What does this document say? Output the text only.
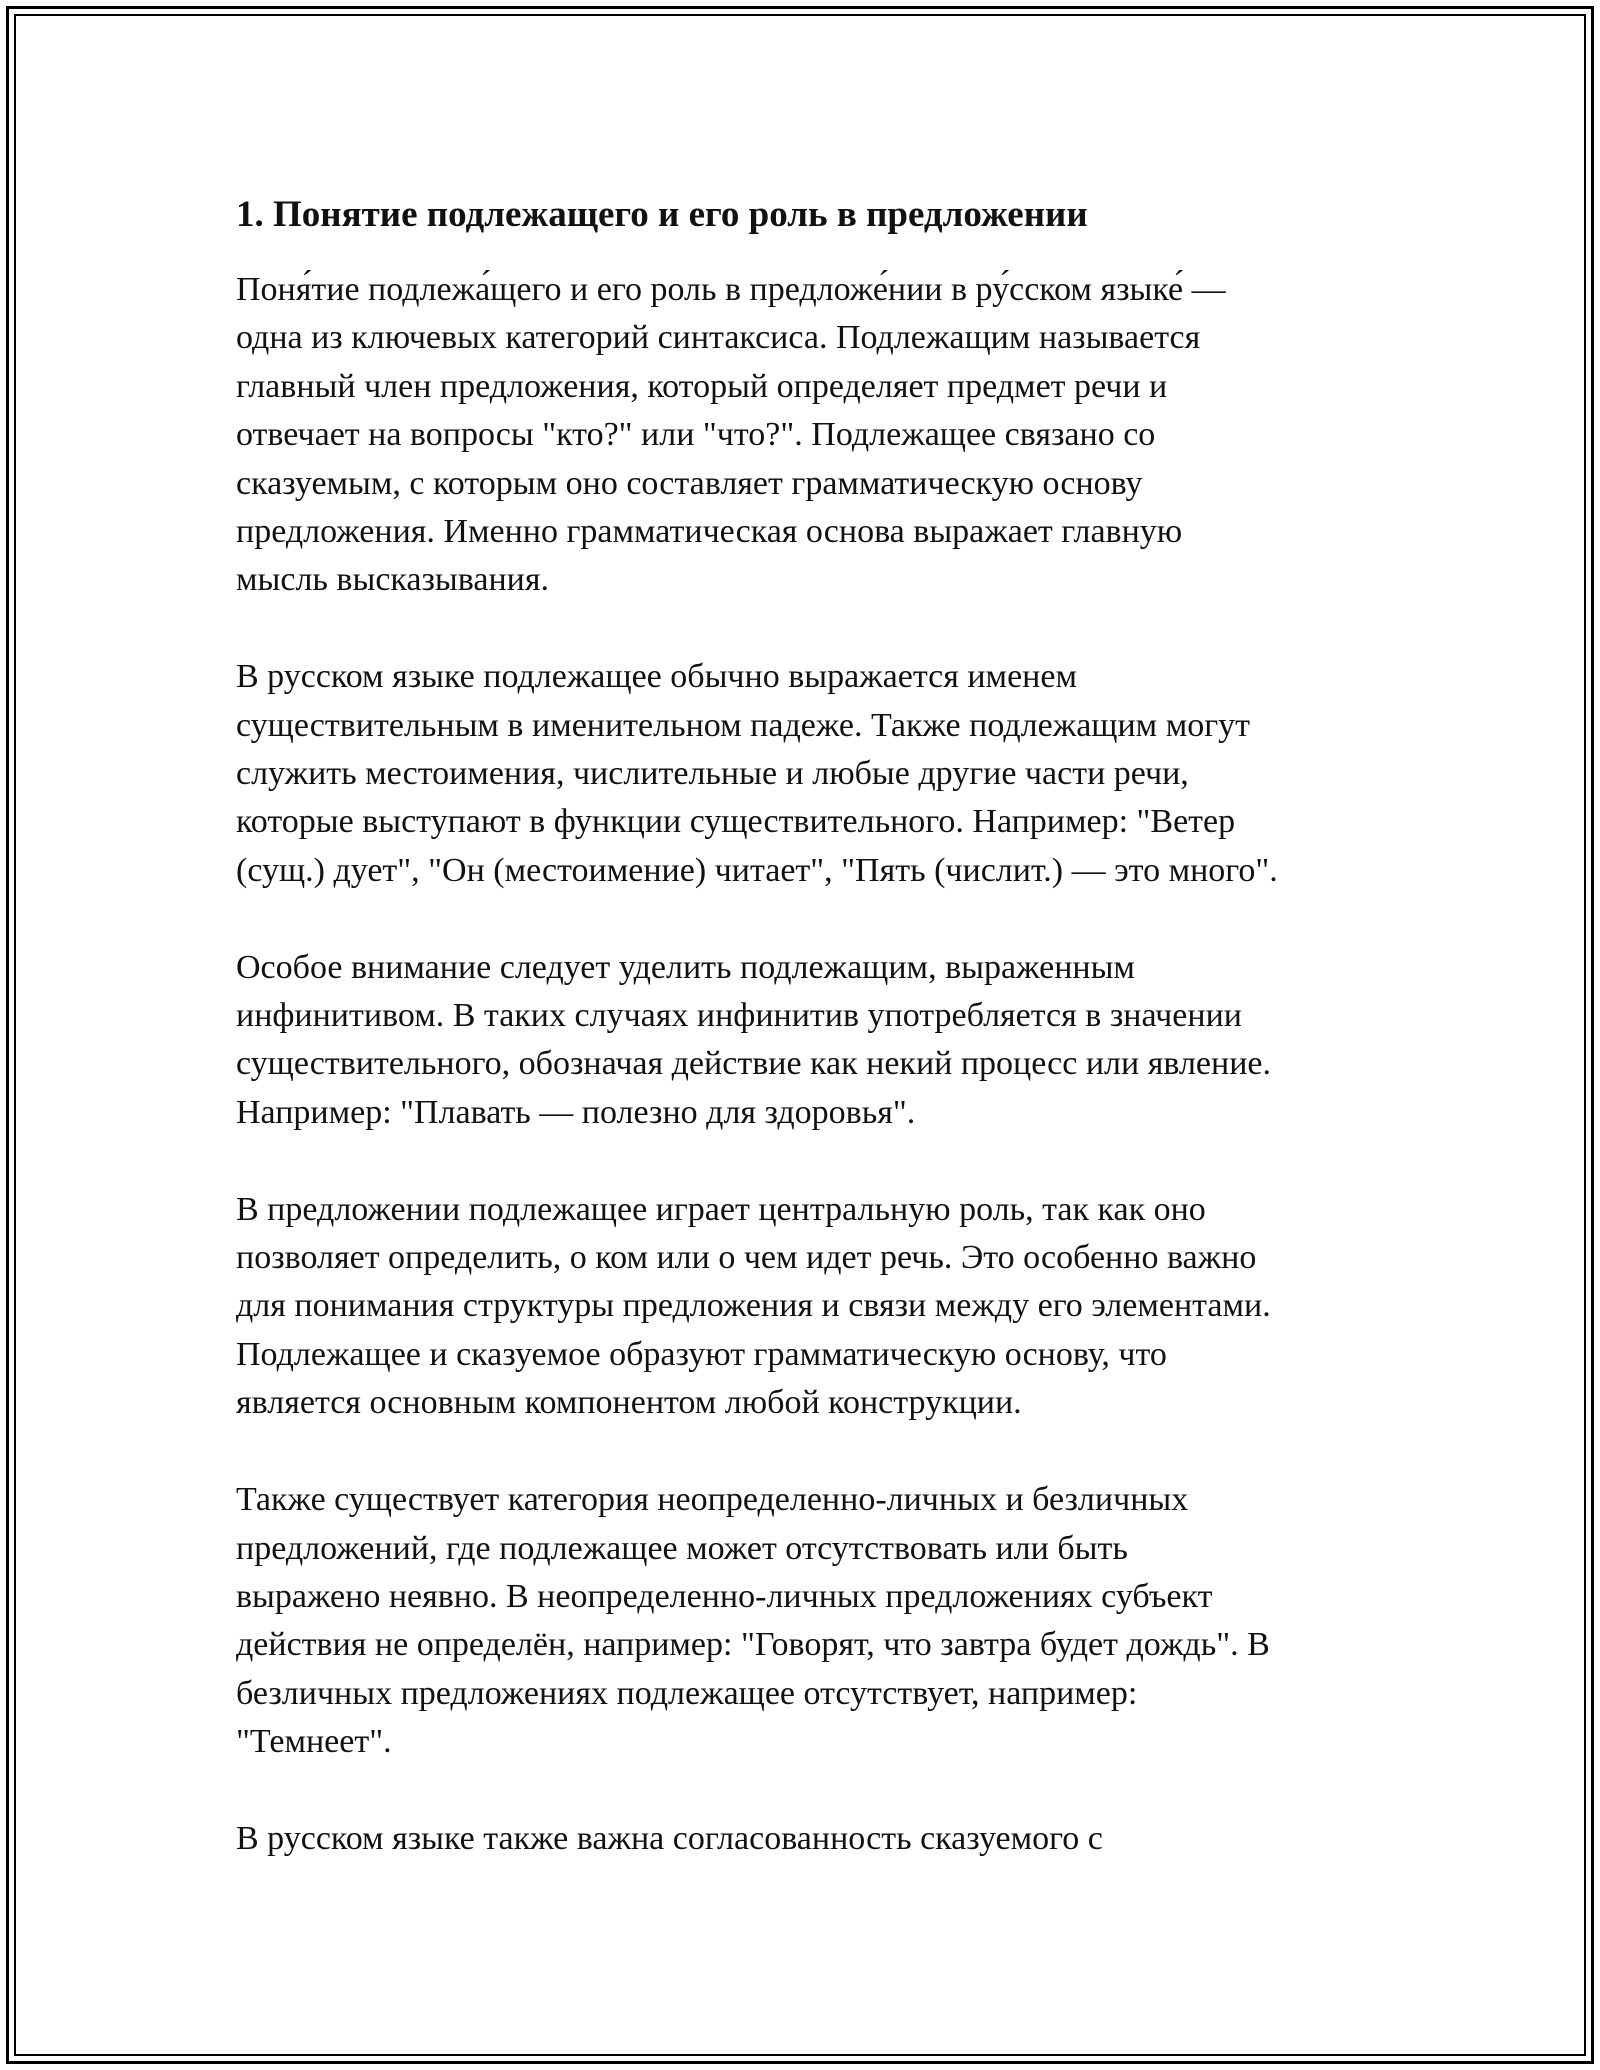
1. Понятие подлежащего и его роль в предложении
Поня́тие подлежа́щего и его роль в предложе́нии в ру́сском языке́ —
одна из ключевых категорий синтаксиса. Подлежащим называется
главный член предложения, который определяет предмет речи и
отвечает на вопросы "кто?" или "что?". Подлежащее связано со
сказуемым, с которым оно составляет грамматическую основу
предложения. Именно грамматическая основа выражает главную
мысль высказывания.
В русском языке подлежащее обычно выражается именем
существительным в именительном падеже. Также подлежащим могут
служить местоимения, числительные и любые другие части речи,
которые выступают в функции существительного. Например: "Ветер
(сущ.) дует", "Он (местоимение) читает", "Пять (числит.) — это много".
Особое внимание следует уделить подлежащим, выраженным
инфинитивом. В таких случаях инфинитив употребляется в значении
существительного, обозначая действие как некий процесс или явление.
Например: "Плавать — полезно для здоровья".
В предложении подлежащее играет центральную роль, так как оно
позволяет определить, о ком или о чем идет речь. Это особенно важно
для понимания структуры предложения и связи между его элементами.
Подлежащее и сказуемое образуют грамматическую основу, что
является основным компонентом любой конструкции.
Также существует категория неопределенно-личных и безличных
предложений, где подлежащее может отсутствовать или быть
выражено неявно. В неопределенно-личных предложениях субъект
действия не определён, например: "Говорят, что завтра будет дождь". В
безличных предложениях подлежащее отсутствует, например:
"Темнеет".
В русском языке также важна согласованность сказуемого с
